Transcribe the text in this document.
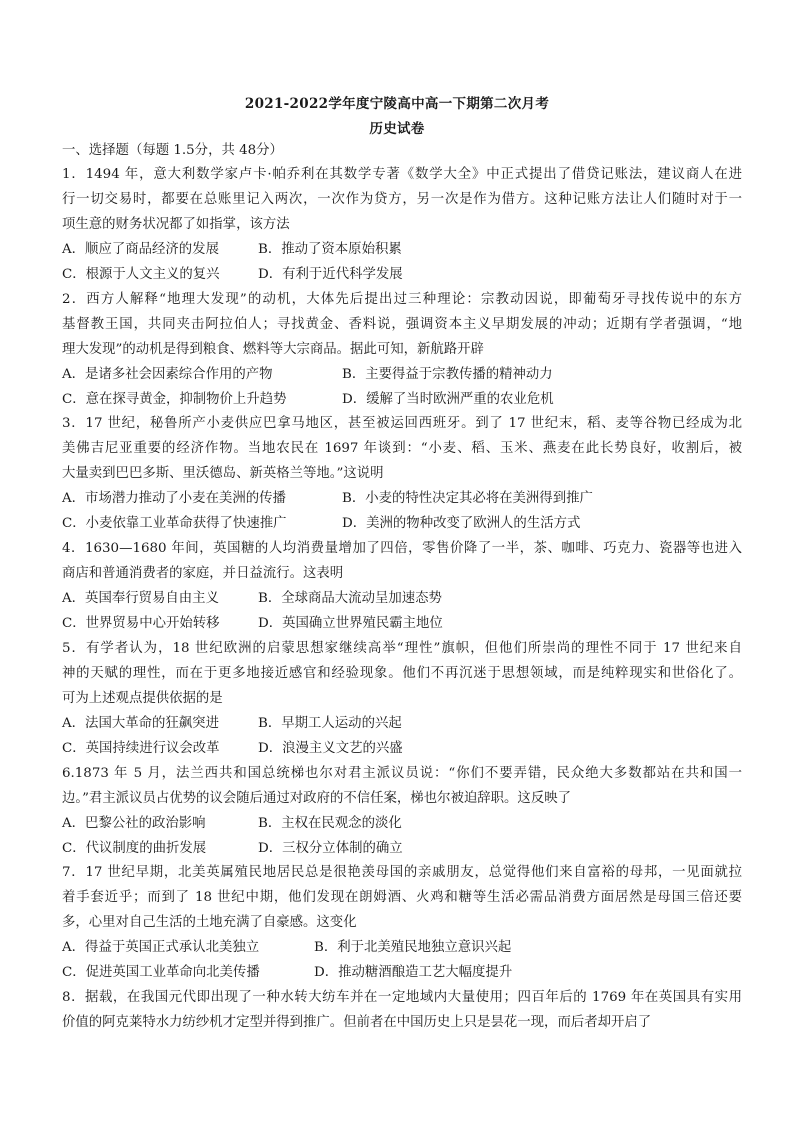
2021-2022学年度宁陵高中高一下期第二次月考
历史试卷
一、选择题（每题 1.5分，共 48分）
1．1494 年，意大利数学家卢卡·帕乔利在其数学专著《数学大全》中正式提出了借贷记账法，建议商人在进
行一切交易时，都要在总账里记入两次，一次作为贷方，另一次是作为借方。这种记账方法让人们随时对于一
项生意的财务状况都了如指掌，该方法
A．顺应了商品经济的发展	B．推动了资本原始积累
C．根源于人文主义的复兴	D．有利于近代科学发展
2．西方人解释“地理大发现”的动机，大体先后提出过三种理论：宗教动因说，即葡萄牙寻找传说中的东方
基督教王国，共同夹击阿拉伯人；寻找黄金、香料说，强调资本主义早期发展的冲动；近期有学者强调，“地
理大发现”的动机是得到粮食、燃料等大宗商品。据此可知，新航路开辟
A．是诸多社会因素综合作用的产物	B．主要得益于宗教传播的精神动力
C．意在探寻黄金，抑制物价上升趋势	D．缓解了当时欧洲严重的农业危机
3．17 世纪，秘鲁所产小麦供应巴拿马地区，甚至被运回西班牙。到了 17 世纪末，稻、麦等谷物已经成为北
美佛吉尼亚重要的经济作物。当地农民在 1697 年谈到：“小麦、稻、玉米、燕麦在此长势良好，收割后，被
大量卖到巴巴多斯、里沃德岛、新英格兰等地。”这说明
A．市场潜力推动了小麦在美洲的传播	B．小麦的特性决定其必将在美洲得到推广
C．小麦依靠工业革命获得了快速推广	D．美洲的物种改变了欧洲人的生活方式
4．1630—1680 年间，英国糖的人均消费量增加了四倍，零售价降了一半，茶、咖啡、巧克力、瓷器等也进入
商店和普通消费者的家庭，并日益流行。这表明
A．英国奉行贸易自由主义	B．全球商品大流动呈加速态势
C．世界贸易中心开始转移	D．英国确立世界殖民霸主地位
5．有学者认为，18 世纪欧洲的启蒙思想家继续高举“理性”旗帜，但他们所崇尚的理性不同于 17 世纪来自
神的天赋的理性，而在于更多地接近感官和经验现象。他们不再沉迷于思想领域，而是纯粹现实和世俗化了。
可为上述观点提供依据的是
A．法国大革命的狂飙突进	B．早期工人运动的兴起
C．英国持续进行议会改革	D．浪漫主义文艺的兴盛
6.1873 年 5 月，法兰西共和国总统梯也尔对君主派议员说：“你们不要弄错，民众绝大多数都站在共和国一
边。”君主派议员占优势的议会随后通过对政府的不信任案，梯也尔被迫辞职。这反映了
A．巴黎公社的政治影响	B．主权在民观念的淡化
C．代议制度的曲折发展	D．三权分立体制的确立
7．17 世纪早期，北美英属殖民地居民总是很艳羡母国的亲戚朋友，总觉得他们来自富裕的母邦，一见面就拉
着手套近乎；而到了 18 世纪中期，他们发现在朗姆酒、火鸡和糖等生活必需品消费方面居然是母国三倍还要
多，心里对自己生活的土地充满了自豪感。这变化
A．得益于英国正式承认北美独立	B．利于北美殖民地独立意识兴起
C．促进英国工业革命向北美传播	D．推动糖酒酿造工艺大幅度提升
8．据载，在我国元代即出现了一种水转大纺车并在一定地域内大量使用；四百年后的 1769 年在英国具有实用
价值的阿克莱特水力纺纱机才定型并得到推广。但前者在中国历史上只是昙花一现，而后者却开启了
